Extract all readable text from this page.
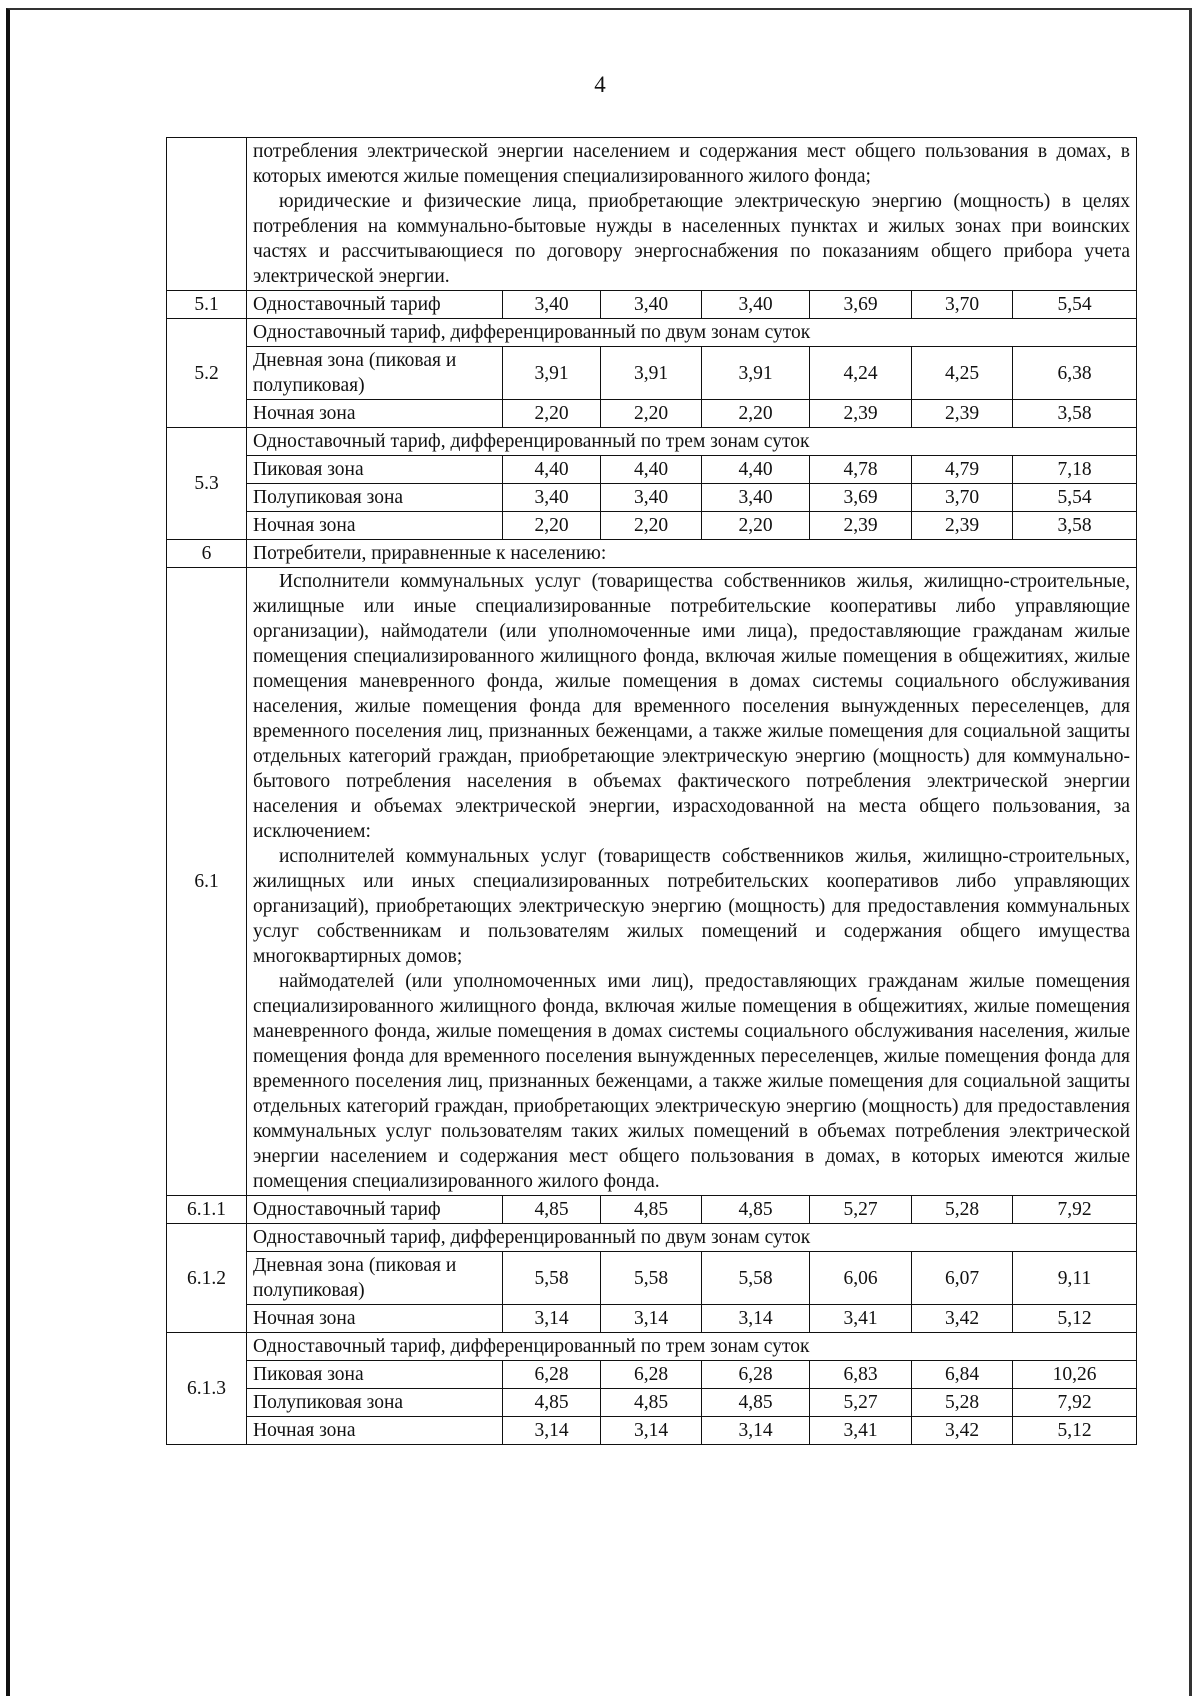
4

	потребления электрической энергии населением и содержания мест общего пользования в домах, в которых имеются жилые помещения специализированного жилого фонда;

юридические и физические лица, приобретающие электрическую энергию (мощность) в целях потребления на коммунально-бытовые нужды в населенных пунктах и жилых зонах при воинских частях и рассчитывающиеся по договору энергоснабжения по показаниям общего прибора учета электрической энергии.						

5.1	Одноставочный тариф	3,40	3,40	3,40	3,69	3,70	5,54
5.2	Одноставочный тариф, дифференцированный по двум зонам суток						
	Дневная зона (пиковая и полупиковая)	3,91	3,91	3,91	4,24	4,25	6,38
	Ночная зона	2,20	2,20	2,20	2,39	2,39	3,58
5.3	Одноставочный тариф, дифференцированный по трем зонам суток						
	Пиковая зона	4,40	4,40	4,40	4,78	4,79	7,18
	Полупиковая зона	3,40	3,40	3,40	3,69	3,70	5,54
	Ночная зона	2,20	2,20	2,20	2,39	2,39	3,58
6	Потребители, приравненные к населению:						
6.1	Исполнители коммунальных услуг (товарищества собственников жилья, жилищно-строительные, жилищные или иные специализированные потребительские кооперативы либо управляющие организации), наймодатели (или уполномоченные ими лица), предоставляющие гражданам жилые помещения специализированного жилищного фонда, включая жилые помещения в общежитиях, жилые помещения маневренного фонда, жилые помещения в домах системы социального обслуживания населения, жилые помещения фонда для временного поселения вынужденных переселенцев, для временного поселения лиц, признанных беженцами, а также жилые помещения для социальной защиты отдельных категорий граждан, приобретающие электрическую энергию (мощность) для коммунально-бытового потребления населения в объемах фактического потребления электрической энергии населения и объемах электрической энергии, израсходованной на места общего пользования, за исключением:

исполнителей коммунальных услуг (товариществ собственников жилья, жилищно-строительных, жилищных или иных специализированных потребительских кооперативов либо управляющих организаций), приобретающих электрическую энергию (мощность) для предоставления коммунальных услуг собственникам и пользователям жилых помещений и содержания общего имущества многоквартирных домов;

наймодателей (или уполномоченных ими лиц), предоставляющих гражданам жилые помещения специализированного жилищного фонда, включая жилые помещения в общежитиях, жилые помещения маневренного фонда, жилые помещения в домах системы социального обслуживания населения, жилые помещения фонда для временного поселения вынужденных переселенцев, жилые помещения фонда для временного поселения лиц, признанных беженцами, а также жилые помещения для социальной защиты отдельных категорий граждан, приобретающих электрическую энергию (мощность) для предоставления коммунальных услуг пользователям таких жилых помещений в объемах потребления электрической энергии населением и содержания мест общего пользования в домах, в которых имеются жилые помещения специализированного жилого фонда.						

6.1.1	Одноставочный тариф	4,85	4,85	4,85	5,27	5,28	7,92
6.1.2	Одноставочный тариф, дифференцированный по двум зонам суток						
	Дневная зона (пиковая и полупиковая)	5,58	5,58	5,58	6,06	6,07	9,11
	Ночная зона	3,14	3,14	3,14	3,41	3,42	5,12
6.1.3	Одноставочный тариф, дифференцированный по трем зонам суток						
	Пиковая зона	6,28	6,28	6,28	6,83	6,84	10,26
	Полупиковая зона	4,85	4,85	4,85	5,27	5,28	7,92
	Ночная зона	3,14	3,14	3,14	3,41	3,42	5,12
